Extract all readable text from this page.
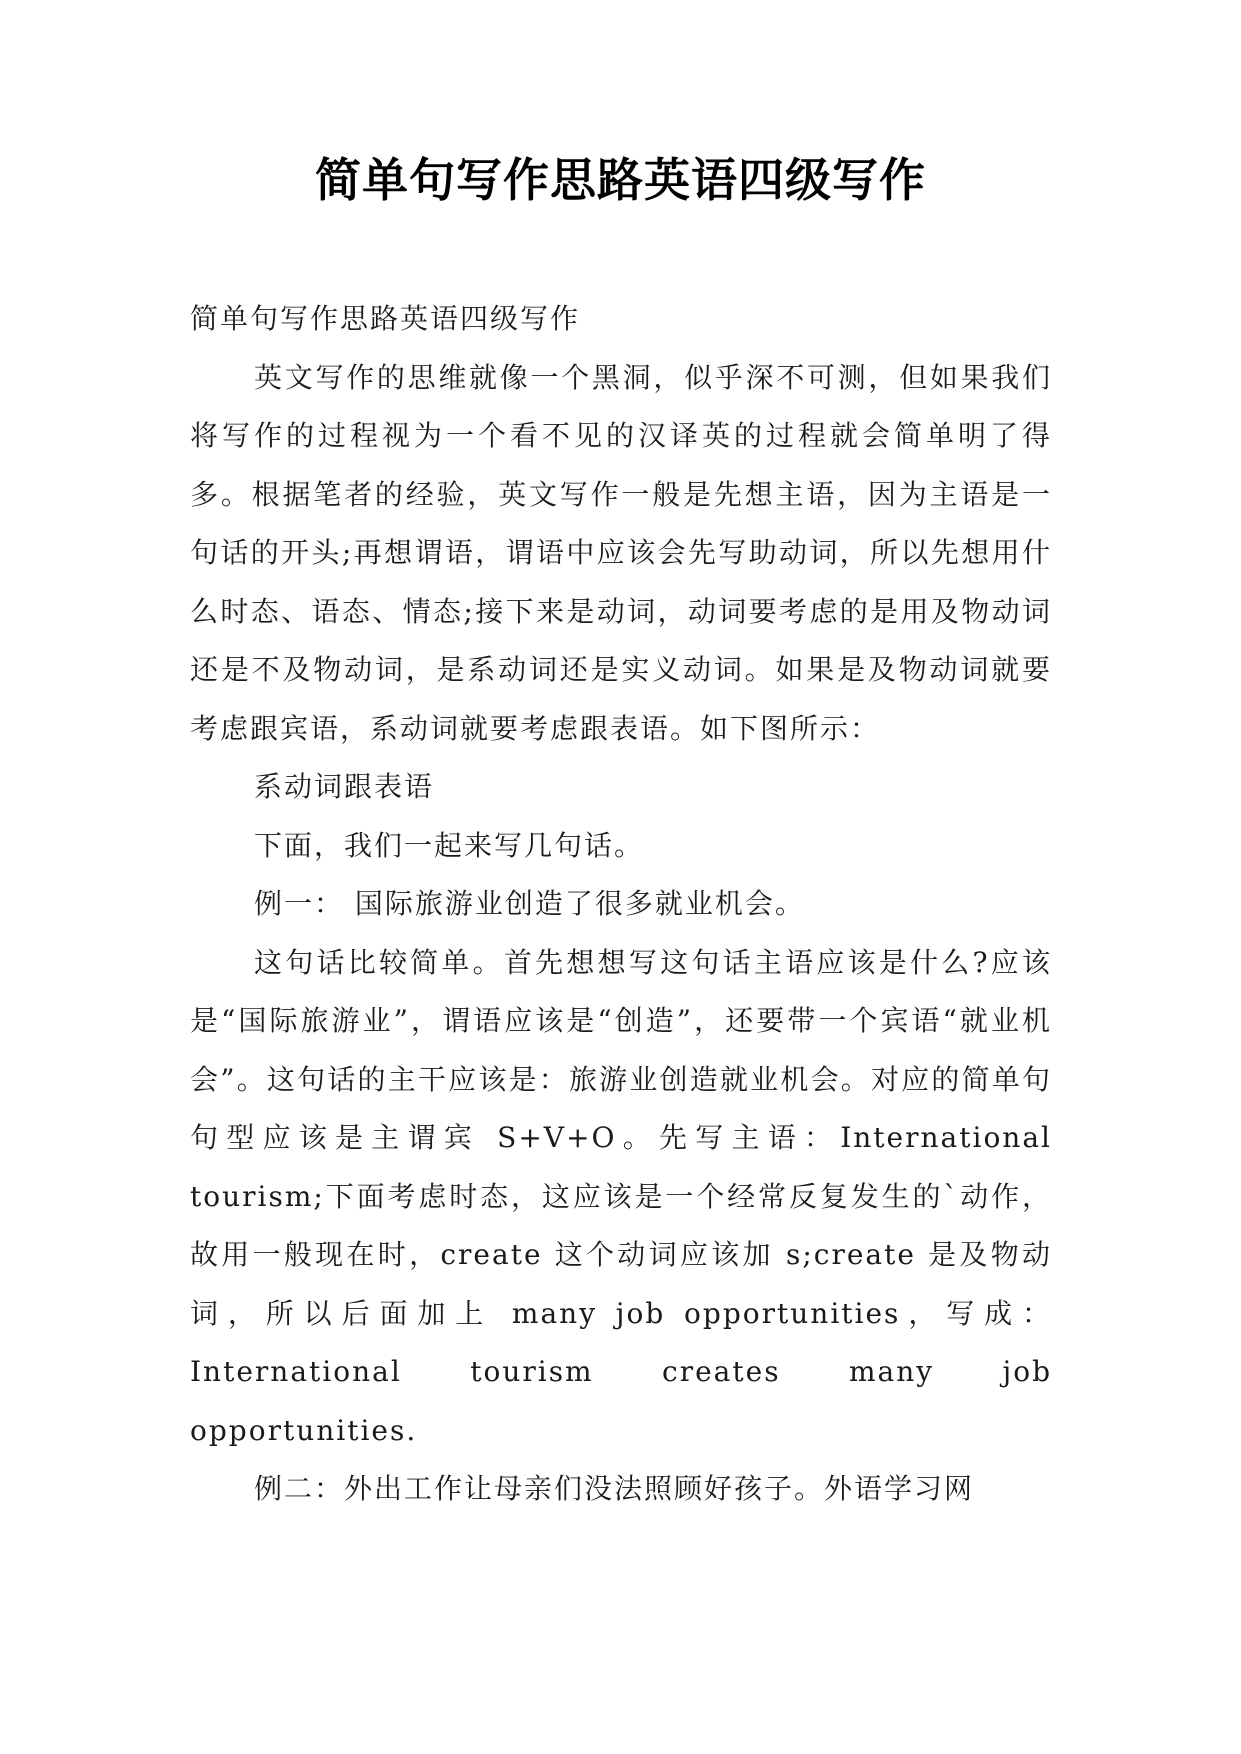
简单句写作思路英语四级写作

简单句写作思路英语四级写作

英文写作的思维就像一个黑洞，似乎深不可测，但如果我们将写作的过程视为一个看不见的汉译英的过程就会简单明了得多。根据笔者的经验，英文写作一般是先想主语，因为主语是一句话的开头;再想谓语，谓语中应该会先写助动词，所以先想用什么时态、语态、情态;接下来是动词，动词要考虑的是用及物动词还是不及物动词，是系动词还是实义动词。如果是及物动词就要考虑跟宾语，系动词就要考虑跟表语。如下图所示：

系动词跟表语

下面，我们一起来写几句话。

例一： 国际旅游业创造了很多就业机会。

这句话比较简单。首先想想写这句话主语应该是什么?应该是“国际旅游业”，谓语应该是“创造”，还要带一个宾语“就业机会”。这句话的主干应该是：旅游业创造就业机会。对应的简单句句型应该是主谓宾 S+V+O。先写主语：International tourism;下面考虑时态，这应该是一个经常反复发生的`动作，故用一般现在时，create 这个动词应该加 s;create 是及物动词，所以后面加上 many job opportunities，写成：International tourism creates many job opportunities.

例二：外出工作让母亲们没法照顾好孩子。外语学习网
